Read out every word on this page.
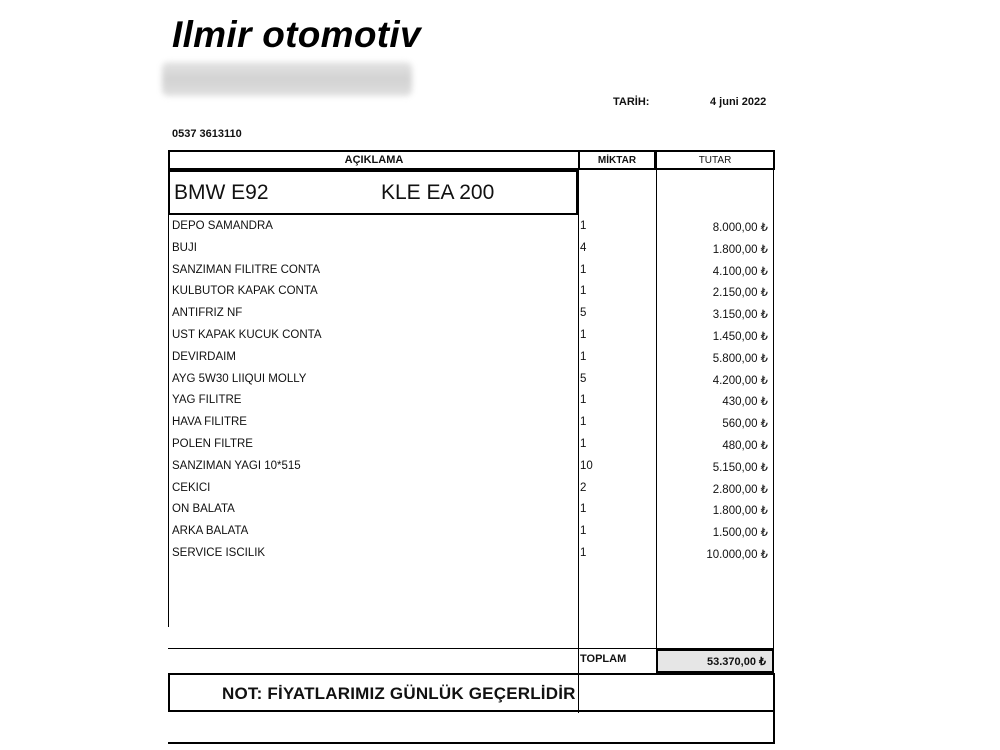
Ilmir otomotiv
TARİH:	4 juni 2022
0537 3613110
AÇIKLAMA	MİKTAR	TUTAR
BMW E92	KLE EA 200
DEPO SAMANDRA	1	8.000,00 ₺
BUJI	4	1.800,00 ₺
SANZIMAN FILITRE CONTA	1	4.100,00 ₺
KULBUTOR KAPAK CONTA	1	2.150,00 ₺
ANTIFRIZ NF	5	3.150,00 ₺
UST KAPAK KUCUK CONTA	1	1.450,00 ₺
DEVIRDAIM	1	5.800,00 ₺
AYG 5W30 LIIQUI MOLLY	5	4.200,00 ₺
YAG FILITRE	1	430,00 ₺
HAVA FILITRE	1	560,00 ₺
POLEN FILTRE	1	480,00 ₺
SANZIMAN YAGI 10*515	10	5.150,00 ₺
CEKICI	2	2.800,00 ₺
ON BALATA	1	1.800,00 ₺
ARKA BALATA	1	1.500,00 ₺
SERVICE ISCILIK	1	10.000,00 ₺
TOPLAM	53.370,00 ₺
NOT: FİYATLARIMIZ GÜNLÜK GEÇERLİDİR
